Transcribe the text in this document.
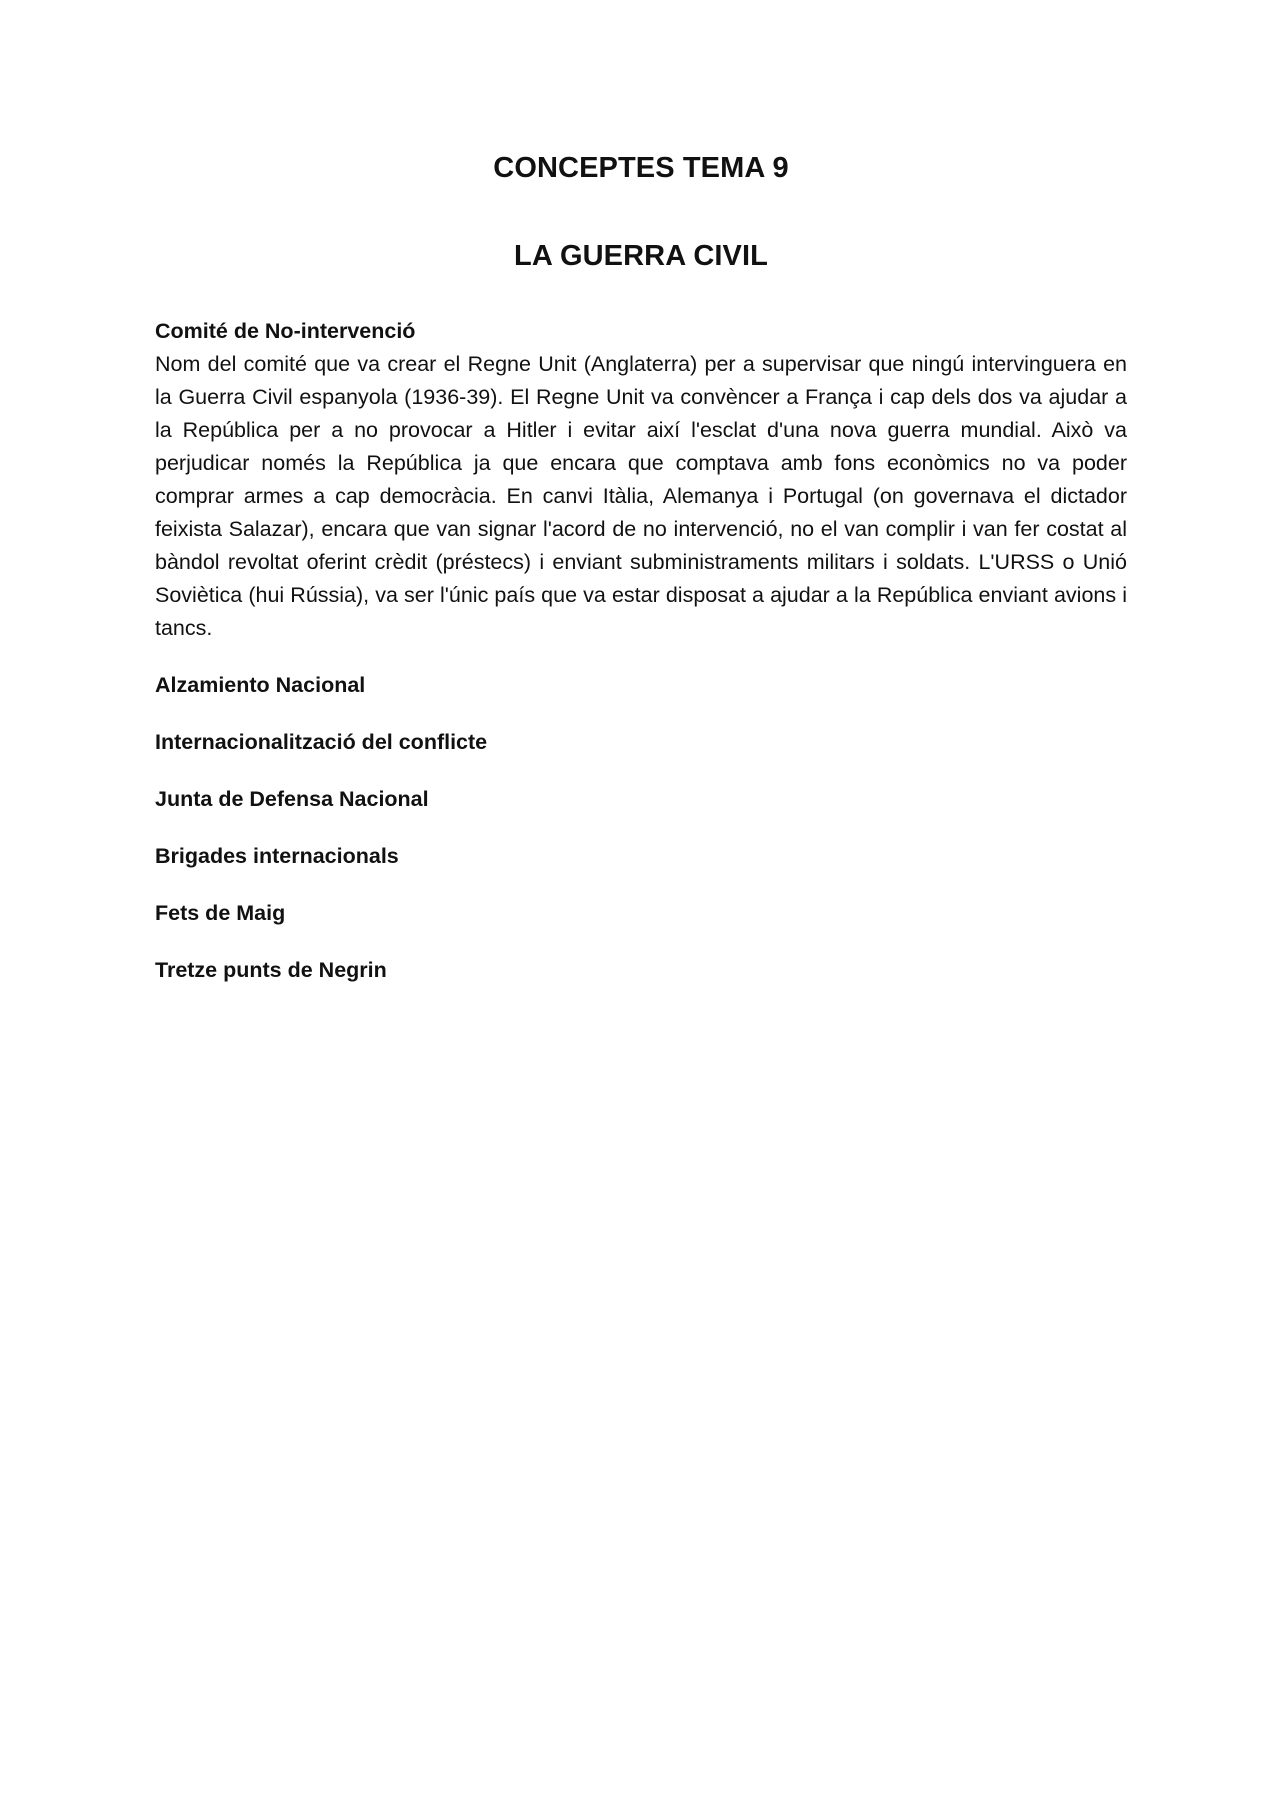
CONCEPTES TEMA 9
LA GUERRA CIVIL

Comité de No-intervenció

Nom del comité que va crear el Regne Unit (Anglaterra) per a supervisar que ningú intervinguera en la Guerra Civil espanyola (1936-39). El Regne Unit va convèncer a França i cap dels dos va ajudar a la República per a no provocar a Hitler i evitar així l'esclat d'una nova guerra mundial. Això va perjudicar només la República ja que encara que comptava amb fons econòmics no va poder comprar armes a cap democràcia. En canvi Itàlia, Alemanya i Portugal (on governava el dictador feixista Salazar), encara que van signar l'acord de no intervenció, no el van complir i van fer costat al bàndol revoltat oferint crèdit (préstecs) i enviant subministraments militars i soldats. L'URSS o Unió Soviètica (hui Rússia), va ser l'únic país que va estar disposat a ajudar a la República enviant avions i tancs.

Alzamiento Nacional

Internacionalització del conflicte

Junta de Defensa Nacional

Brigades internacionals

Fets de Maig

Tretze punts de Negrin
